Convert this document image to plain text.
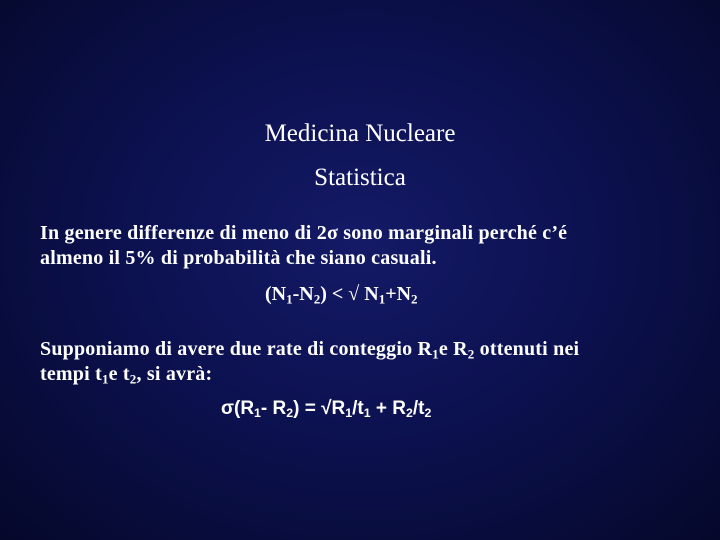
Medicina Nucleare
Statistica
In genere differenze di meno di 2σ sono marginali perché c’é
almeno il 5% di probabilità che siano casuali.
$(N_1-N_2)$ < √ $N_1+N_2$
Supponiamo di avere due rate di conteggio $R_1e$ $R_2$ ottenuti nei
tempi $t_1e$ $t_2$, si avrà:
$\sigma(R_1-$ $R_2) = √R_1/t_1 + R_2/t_2$
